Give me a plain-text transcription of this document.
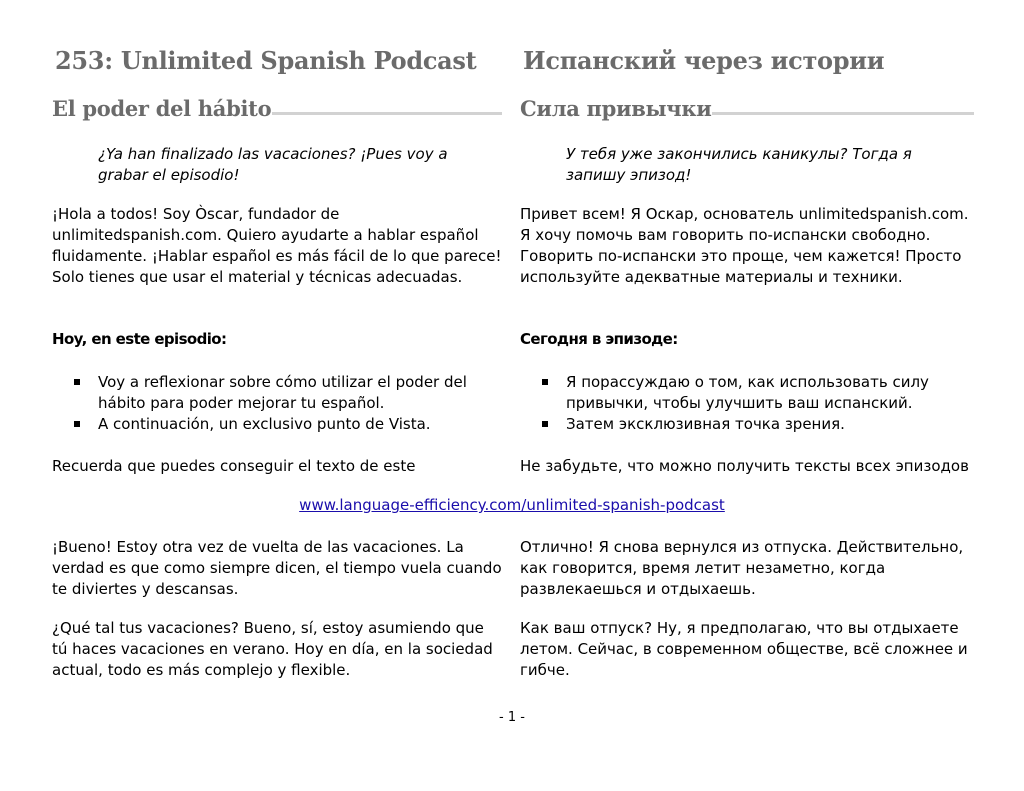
253: Unlimited Spanish Podcast
El poder del hábito

¿Ya han finalizado las vacaciones? ¡Pues voy a grabar el episodio!

¡Hola a todos! Soy Òscar, fundador de unlimitedspanish.com. Quiero ayudarte a hablar español fluidamente. ¡Hablar español es más fácil de lo que parece! Solo tienes que usar el material y técnicas adecuadas.

Hoy, en este episodio:

Voy a reflexionar sobre cómo utilizar el poder del hábito para poder mejorar tu español.
A continuación, un exclusivo punto de Vista.

Recuerda que puedes conseguir el texto de este

¡Bueno! Estoy otra vez de vuelta de las vacaciones. La verdad es que como siempre dicen, el tiempo vuela cuando te diviertes y descansas.

¿Qué tal tus vacaciones? Bueno, sí, estoy asumiendo que tú haces vacaciones en verano. Hoy en día, en la sociedad actual, todo es más complejo y flexible.

Испанский через истории
Сила привычки

У тебя уже закончились каникулы? Тогда я запишу эпизод!

Привет всем! Я Оскар, основатель unlimitedspanish.com. Я хочу помочь вам говорить по-испански свободно. Говорить по-испански это проще, чем кажется! Просто используйте адекватные материалы и техники.

Сегодня в эпизоде:

Я порассуждаю о том, как использовать силу привычки, чтобы улучшить ваш испанский.
Затем эксклюзивная точка зрения.

Не забудьте, что можно получить тексты всех эпизодов

Отлично! Я снова вернулся из отпуска. Действительно, как говорится, время летит незаметно, когда развлекаешься и отдыхаешь.

Как ваш отпуск? Ну, я предполагаю, что вы отдыхаете летом. Сейчас, в современном обществе, всё сложнее и гибче.

www.language-efficiency.com/unlimited-spanish-podcast
- 1 -
